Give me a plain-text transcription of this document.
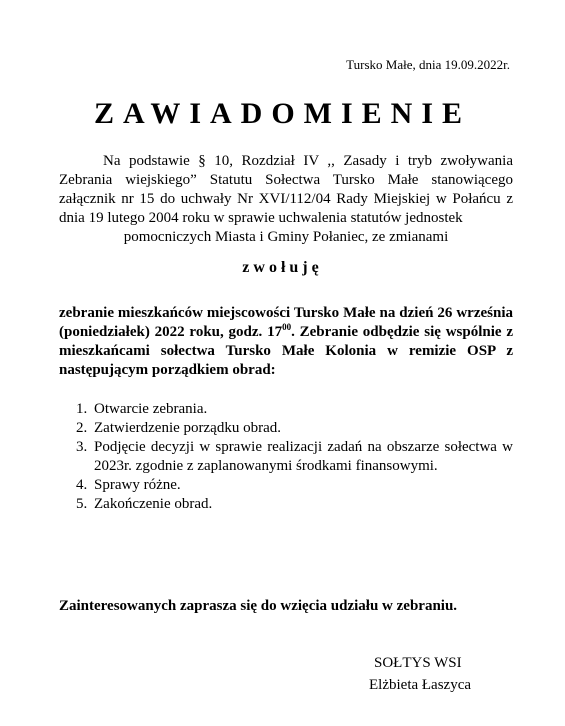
Tursko Małe, dnia 19.09.2022r.
ZAWIADOMIENIE

Na podstawie § 10, Rozdział IV ,, Zasady i tryb zwoływania Zebrania wiejskiego” Statutu Sołectwa Tursko Małe stanowiącego załącznik nr 15 do uchwały Nr XVI/112/04 Rady Miejskiej w Połańcu z dnia 19 lutego 2004 roku w sprawie uchwalenia statutów jednostek
pomocniczych Miasta i Gminy Połaniec, ze zmianami

zwołuję

zebranie mieszkańców miejscowości Tursko Małe na dzień 26 września (poniedziałek) 2022 roku, godz. $17^{00}$. Zebranie odbędzie się wspólnie z mieszkańcami sołectwa Tursko Małe Kolonia w remizie OSP z następującym porządkiem obrad:

1. Otwarcie zebrania.
2. Zatwierdzenie porządku obrad.
3. Podjęcie decyzji w sprawie realizacji zadań na obszarze sołectwa w 2023r. zgodnie z zaplanowanymi środkami finansowymi.
4. Sprawy różne.
5. Zakończenie obrad.
Zainteresowanych zaprasza się do wzięcia udziału w zebraniu.
SOŁTYS WSI
Elżbieta Łaszyca
